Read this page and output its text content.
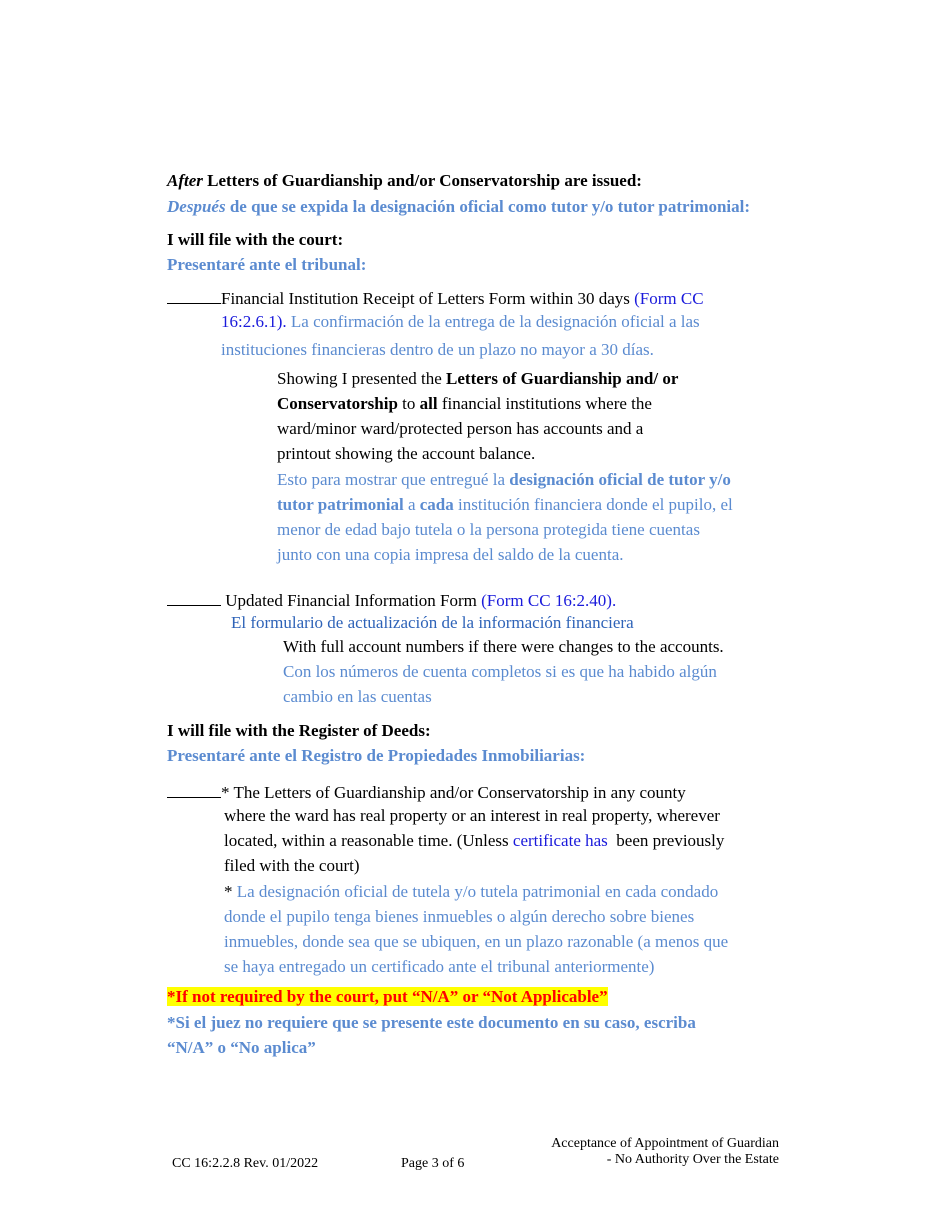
After Letters of Guardianship and/or Conservatorship are issued:
Después de que se expida la designación oficial como tutor y/o tutor patrimonial:
I will file with the court:
Presentaré ante el tribunal:
Financial Institution Receipt of Letters Form within 30 days (Form CC
16:2.6.1). La confirmación de la entrega de la designación oficial a las
instituciones financieras dentro de un plazo no mayor a 30 días.
Showing I presented the Letters of Guardianship and/ or
Conservatorship to all financial institutions where the
ward/minor ward/protected person has accounts and a
printout showing the account balance.
Esto para mostrar que entregué la designación oficial de tutor y/o
tutor patrimonial a cada institución financiera donde el pupilo, el
menor de edad bajo tutela o la persona protegida tiene cuentas
junto con una copia impresa del saldo de la cuenta.
Updated Financial Information Form (Form CC 16:2.40).
El formulario de actualización de la información financiera
With full account numbers if there were changes to the accounts.
Con los números de cuenta completos si es que ha habido algún
cambio en las cuentas
I will file with the Register of Deeds:
Presentaré ante el Registro de Propiedades Inmobiliarias:
* The Letters of Guardianship and/or Conservatorship in any county
where the ward has real property or an interest in real property, wherever
located, within a reasonable time. (Unless certificate has been previously
filed with the court)
* La designación oficial de tutela y/o tutela patrimonial en cada condado
donde el pupilo tenga bienes inmuebles o algún derecho sobre bienes
inmuebles, donde sea que se ubiquen, en un plazo razonable (a menos que
se haya entregado un certificado ante el tribunal anteriormente)
*If not required by the court, put “N/A” or “Not Applicable”
*Si el juez no requiere que se presente este documento en su caso, escriba
“N/A” o “No aplica”
CC 16:2.2.8 Rev. 01/2022	Page 3 of 6
Acceptance of Appointment of Guardian
- No Authority Over the Estate
